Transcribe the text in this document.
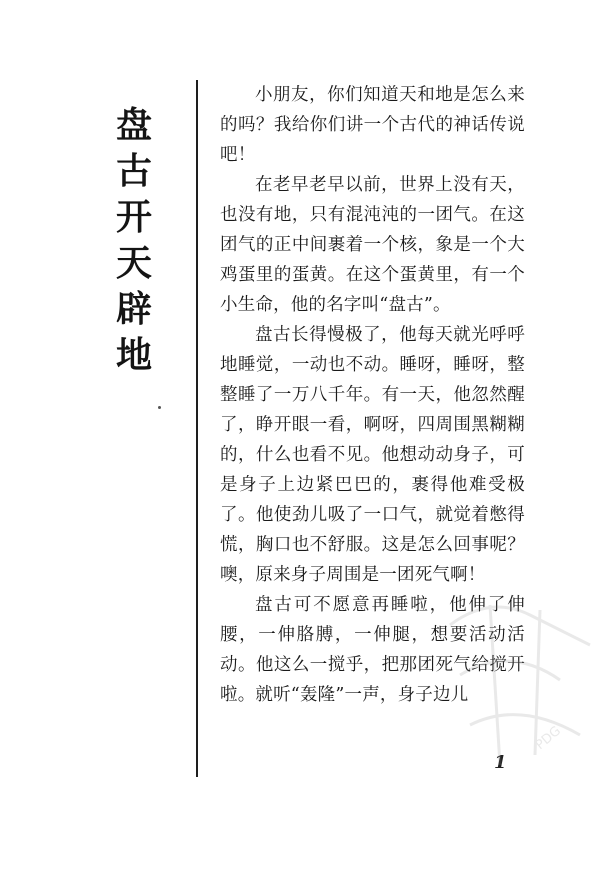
盘
古
开
天
辟
地

小朋友，你们知道天和地是怎么来的吗？我给你们讲一个古代的神话传说吧！

在老早老早以前，世界上没有天，也没有地，只有混沌沌的一团气。在这团气的正中间裹着一个核，象是一个大鸡蛋里的蛋黄。在这个蛋黄里，有一个小生命，他的名字叫“盘古”。

盘古长得慢极了，他每天就光呼呼地睡觉，一动也不动。睡呀，睡呀，整整睡了一万八千年。有一天，他忽然醒了，睁开眼一看，啊呀，四周围黑糊糊的，什么也看不见。他想动动身子，可是身子上边紧巴巴的，裹得他难受极了。他使劲儿吸了一口气，就觉着憋得慌，胸口也不舒服。这是怎么回事呢？噢，原来身子周围是一团死气啊！

盘古可不愿意再睡啦，他伸了伸腰，一伸胳膊，一伸腿，想要活动活动。他这么一搅乎，把那团死气给搅开啦。就听“轰隆”一声，身子边儿

1
PDG
